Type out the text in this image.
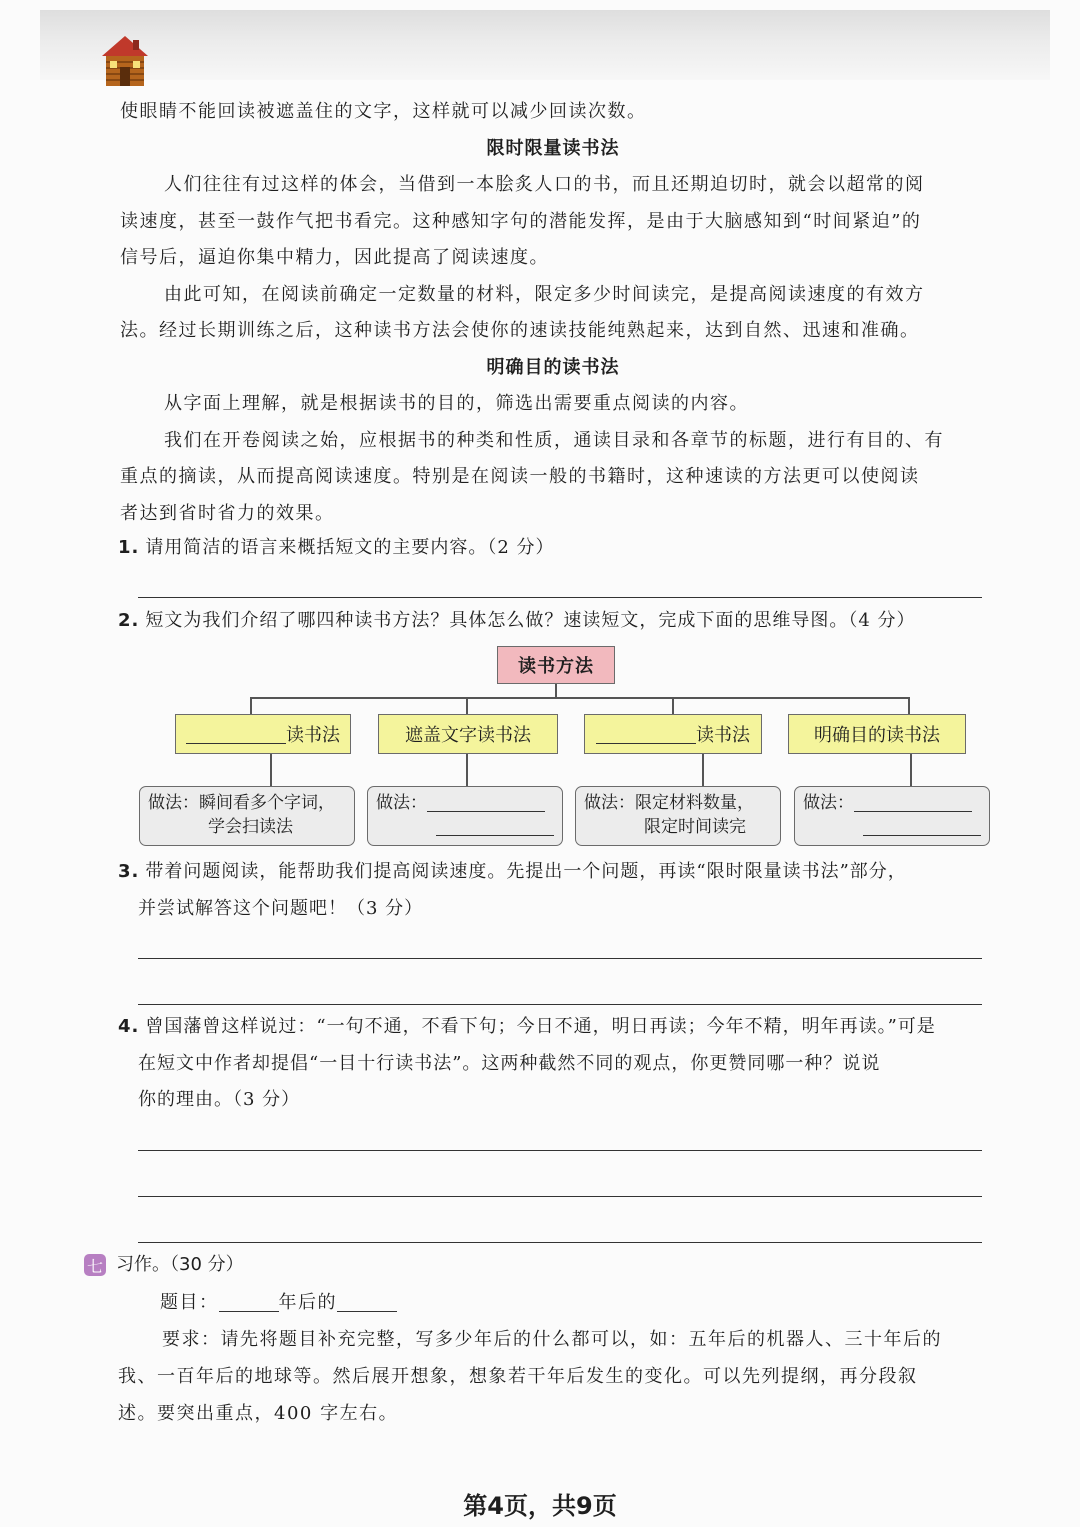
使眼睛不能回读被遮盖住的文字，这样就可以减少回读次数。
限时限量读书法
人们往往有过这样的体会，当借到一本脍炙人口的书，而且还期迫切时，就会以超常的阅
读速度，甚至一鼓作气把书看完。这种感知字句的潜能发挥，是由于大脑感知到“时间紧迫”的
信号后，逼迫你集中精力，因此提高了阅读速度。
由此可知，在阅读前确定一定数量的材料，限定多少时间读完，是提高阅读速度的有效方
法。经过长期训练之后，这种读书方法会使你的速读技能纯熟起来，达到自然、迅速和准确。
明确目的读书法
从字面上理解，就是根据读书的目的，筛选出需要重点阅读的内容。
我们在开卷阅读之始，应根据书的种类和性质，通读目录和各章节的标题，进行有目的、有
重点的摘读，从而提高阅读速度。特别是在阅读一般的书籍时，这种速读的方法更可以使阅读
者达到省时省力的效果。
1. 请用简洁的语言来概括短文的主要内容。（2 分）
2. 短文为我们介绍了哪四种读书方法？具体怎么做？速读短文，完成下面的思维导图。（4 分）
读书方法
读书法	遮盖文字读书法	读书法	明确目的读书法
做法：瞬间看多个字词，
学会扫读法
做法：	做法：限定材料数量，
限定时间读完
做法：
3. 带着问题阅读，能帮助我们提高阅读速度。先提出一个问题，再读“限时限量读书法”部分，
并尝试解答这个问题吧！（3 分）
4. 曾国藩曾这样说过：“一句不通，不看下句；今日不通，明日再读；今年不精，明年再读。”可是
在短文中作者却提倡“一目十行读书法”。这两种截然不同的观点，你更赞同哪一种？说说
你的理由。（3 分）
七 习作。（30 分）
题目：	年后的
要求：请先将题目补充完整，写多少年后的什么都可以，如：五年后的机器人、三十年后的
我、一百年后的地球等。然后展开想象，想象若干年后发生的变化。可以先列提纲，再分段叙
述。要突出重点，400 字左右。
第4页，共9页
